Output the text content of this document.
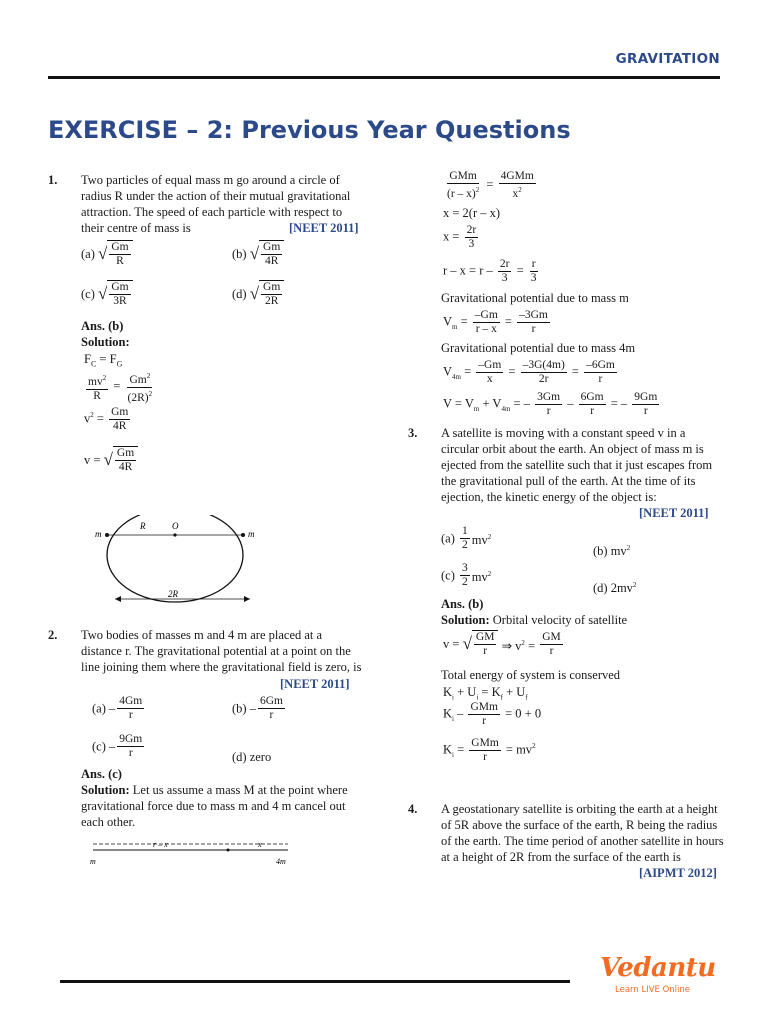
GRAVITATION
EXERCISE – 2: Previous Year Questions
1. Two particles of equal mass m go around a circle of radius R under the action of their mutual gravitational attraction. The speed of each particle with respect to their centre of mass is	[NEET 2011]
(a) √ $\frac{Gm}{R}$	(b) √ $\frac{Gm}{4R}$
(c) √ $\frac{Gm}{3R}$	(d) √ $\frac{Gm}{2R}$
Ans. (b)
Solution:
$F_C = F_G$
$\frac{mv^2}{R} = \frac{Gm^2}{(2R)^2}$
$v^2 = \frac{Gm}{4R}$
v = √ $\frac{Gm}{4R}$
m
R	O
m
2R
2. Two bodies of masses m and 4 m are placed at a distance r. The gravitational potential at a point on the line joining them where the gravitational field is zero, is
[NEET 2011]
$(a) - \frac{4Gm}{r}$	$(b) - \frac{6Gm}{r}$
$(c) - \frac{9Gm}{r}$	(d) zero
Ans. (c)
Solution: Let us assume a mass M at the point where gravitational force due to mass m and 4 m cancel out each other.
r – x	x
m	4m
$\frac{\text{GMm}}{(r - x)^2} = \frac{\text{4GMm}}{x^2}$
x = 2(r – x)
$x = \frac{2r}{3}$
$r - x = r - \frac{2r}{3} = \frac{r}{3}$
Gravitational potential due to mass m
$V_m = \frac{-Gm}{r - x} = \frac{-3Gm}{r}$
Gravitational potential due to mass 4m
$V_{4m} = \frac{-Gm}{x} = \frac{-3G(4m)}{2r} = \frac{-6Gm}{r}$
$V = V_m + V_{4m}$ = – $\frac{3Gm}{r} - \frac{6Gm}{r}$ = – $\frac{9Gm}{r}$
3. A satellite is moving with a constant speed v in a circular orbit about the earth. An object of mass m is ejected from the satellite such that it just escapes from the gravitational pull of the earth. At the time of its ejection, the kinetic energy of the object is:
[NEET 2011]
$(a) \frac{1}{2} mv^2$
(b) $mv^2$
$(c) \frac{3}{2} mv^2$
(d) $2mv^2$
Ans. (b)
Solution: Orbital velocity of satellite
v = √ $\frac{GM}{r}$ ⇒ $v^2 = \frac{GM}{r}$
Total energy of system is conserved
$K_i + U_i = K_f + U_f$
$K_i - \frac{\text{GMm}}{r} = 0 + 0$
$K_i = \frac{\text{GMm}}{r} = mv^2$
4. A geostationary satellite is orbiting the earth at a height of 5R above the surface of the earth, R being the radius of the earth. The time period of another satellite in hours at a height of 2R from the surface of the earth is
[AIPMT 2012]
Vedantu
Learn LIVE Online
